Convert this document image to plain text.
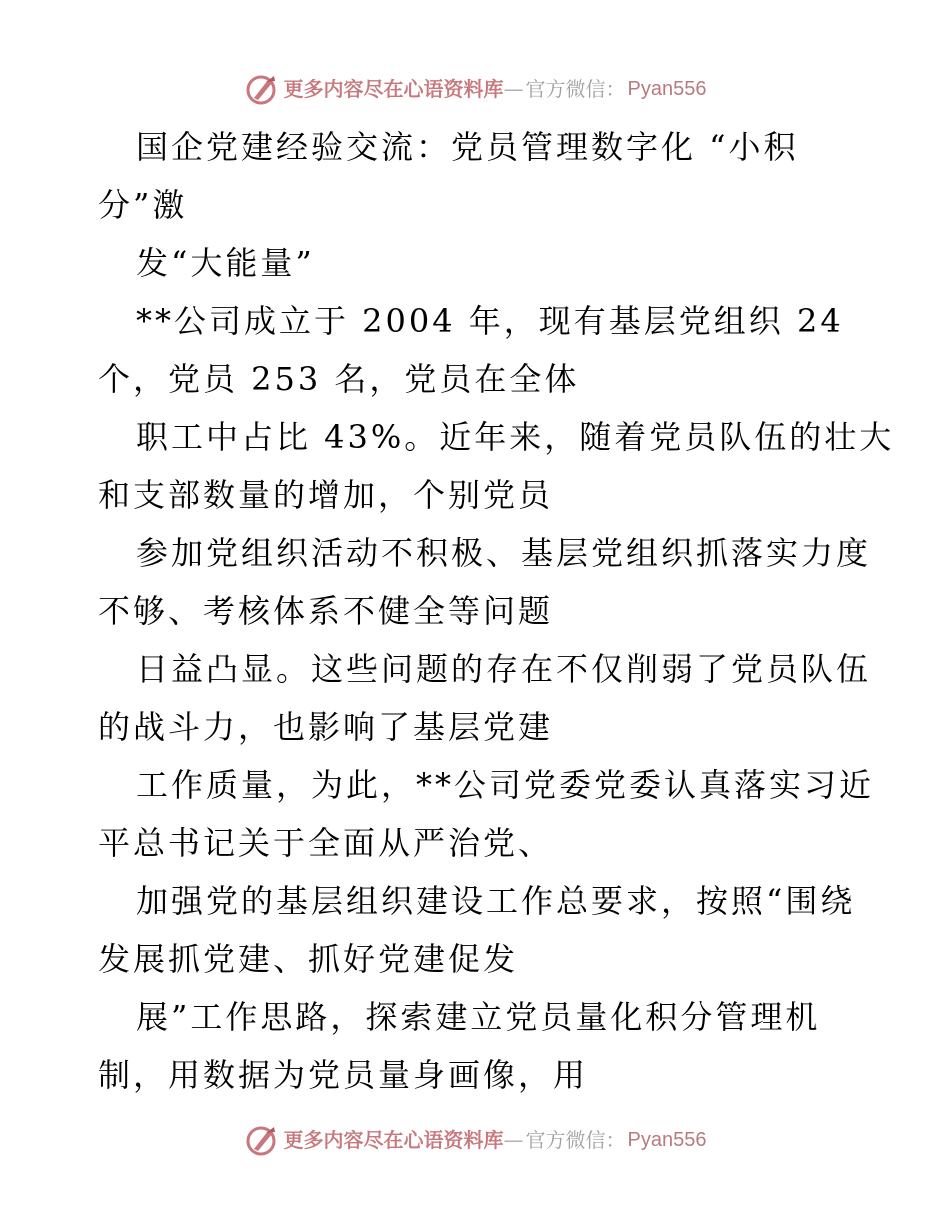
更多内容尽在心语资料库 — 官方微信： Pyan556
国企党建经验交流：党员管理数字化 “小积
分”激
发“大能量”
**公司成立于 2004 年，现有基层党组织 24
个，党员 253 名，党员在全体
职工中占比 43%。近年来，随着党员队伍的壮大
和支部数量的增加，个别党员
参加党组织活动不积极、基层党组织抓落实力度
不够、考核体系不健全等问题
日益凸显。这些问题的存在不仅削弱了党员队伍
的战斗力，也影响了基层党建
工作质量，为此，**公司党委党委认真落实习近
平总书记关于全面从严治党、
加强党的基层组织建设工作总要求，按照“围绕
发展抓党建、抓好党建促发
展”工作思路，探索建立党员量化积分管理机
制，用数据为党员量身画像，用
更多内容尽在心语资料库 — 官方微信： Pyan556
